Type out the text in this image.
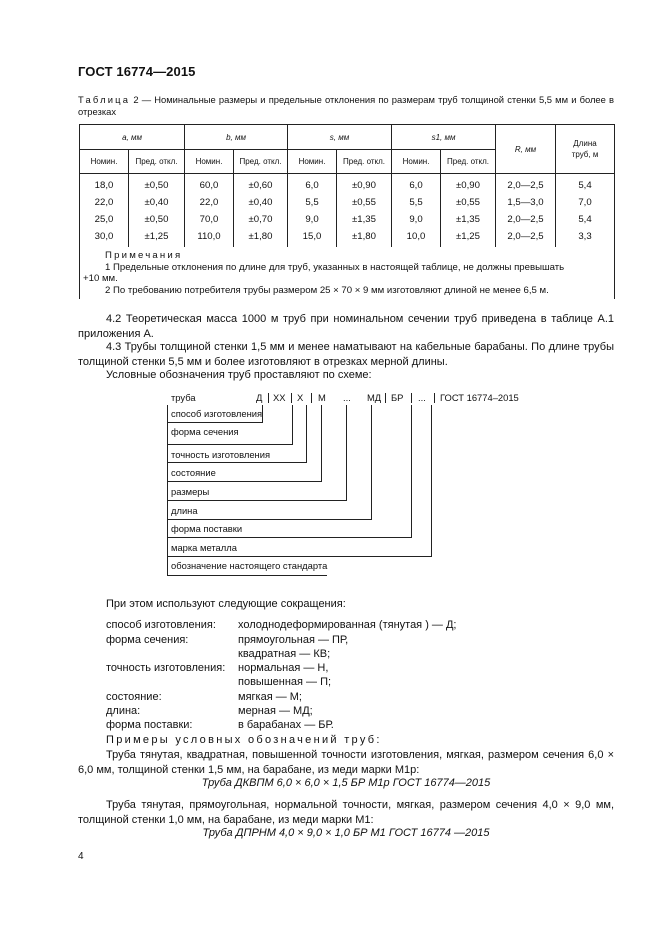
ГОСТ 16774—2015
Таблица 2 — Номинальные размеры и предельные отклонения по размерам труб толщиной стенки 5,5 мм и более в отрезках
a, мм		b, мм		s, мм		s1, мм		R, мм	Длина труб, м
Номин.	Пред. откл.	Номин.	Пред. откл.	Номин.	Пред. откл.	Номин.	Пред. откл.		
18,0	±0,50	60,0	±0,60	6,0	±0,90	6,0	±0,90	2,0—2,5	5,4
22,0	±0,40	22,0	±0,40	5,5	±0,55	5,5	±0,55	1,5—3,0	7,0
25,0	±0,50	70,0	±0,70	9,0	±1,35	9,0	±1,35	2,0—2,5	5,4
30,0	±1,25	110,0	±1,80	15,0	±1,80	10,0	±1,25	2,0—2,5	3,3

Примечания
1 Предельные отклонения по длине для труб, указанных в настоящей таблице, не должны превышать
+10 мм.
2 По требованию потребителя трубы размером 25 × 70 × 9 мм изготовляют длиной не менее 6,5 м.									
4.2 Теоретическая масса 1000 м труб при номинальном сечении труб приведена в таблице А.1 приложения А.
4.3 Трубы толщиной стенки 1,5 мм и менее наматывают на кабельные барабаны. По длине трубы толщиной стенки 5,5 мм и более изготовляют в отрезках мерной длины.
Условные обозначения труб проставляют по схеме:
труба	Д ХХ Х М ... МД БР ... ГОСТ 16774–2015
способ изготовления
форма сечения
точность изготовления
состояние
размеры
длина
форма поставки
марка металла
обозначение настоящего стандарта
При этом используют следующие сокращения:
способ изготовления: холоднодеформированная (тянутая ) — Д;
форма сечения:	прямоугольная — ПР,
квадратная — КВ;
точность изготовления: нормальная — Н,
повышенная — П;
состояние:	мягкая — М;
длина:	мерная — МД;
форма поставки:	в барабанах — БР.
Примеры условных обозначений труб:
Труба тянутая, квадратная, повышенной точности изготовления, мягкая, размером сечения 6,0 × 6,0 мм, толщиной стенки 1,5 мм, на барабане, из меди марки М1р:
Труба ДКВПМ 6,0 × 6,0 × 1,5 БР М1р ГОСТ 16774—2015
Труба тянутая, прямоугольная, нормальной точности, мягкая, размером сечения 4,0 × 9,0 мм, толщиной стенки 1,0 мм, на барабане, из меди марки М1:
Труба ДПРНМ 4,0 × 9,0 × 1,0 БР М1 ГОСТ 16774 —2015
4
